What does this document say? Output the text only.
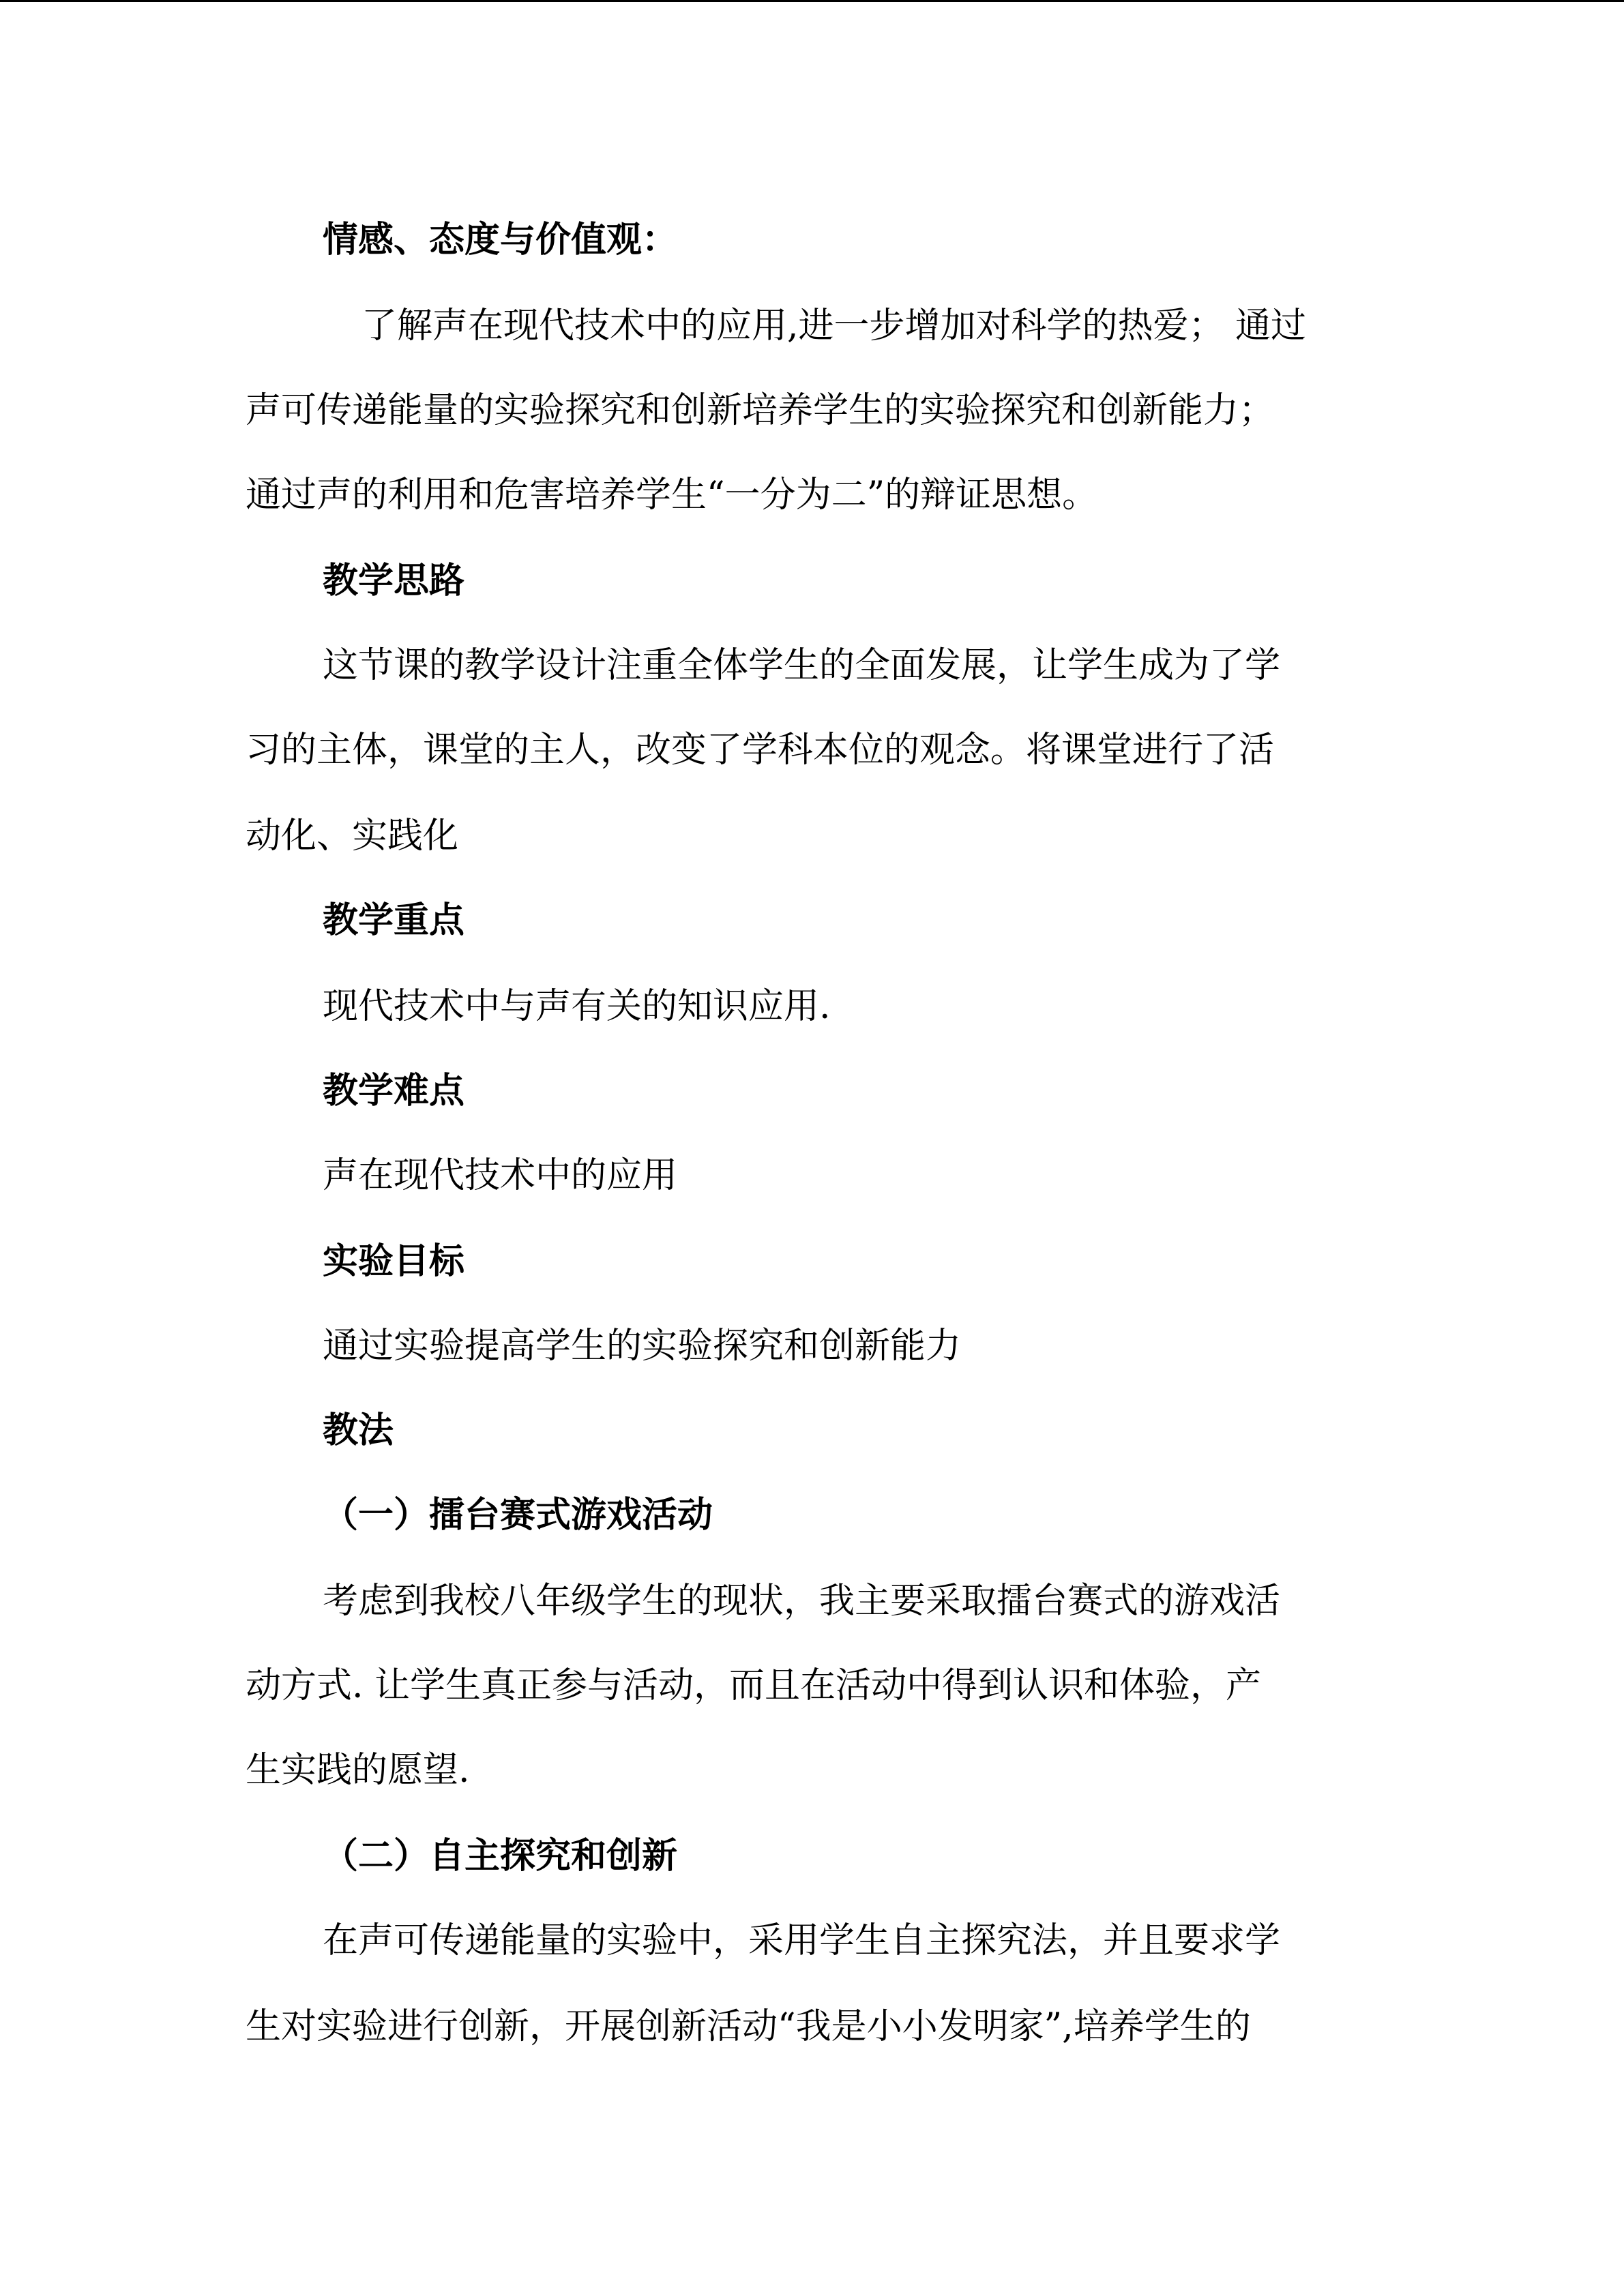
情感、态度与价值观：
了解声在现代技术中的应用,进一步增加对科学的热爱； 通过
声可传递能量的实验探究和创新培养学生的实验探究和创新能力；
通过声的利用和危害培养学生“一分为二”的辩证思想。
教学思路
这节课的教学设计注重全体学生的全面发展，让学生成为了学
习的主体，课堂的主人，改变了学科本位的观念。将课堂进行了活
动化、实践化
教学重点
现代技术中与声有关的知识应用.
教学难点
声在现代技术中的应用
实验目标
通过实验提高学生的实验探究和创新能力
教法
（一）擂台赛式游戏活动
考虑到我校八年级学生的现状，我主要采取擂台赛式的游戏活
动方式. 让学生真正参与活动，而且在活动中得到认识和体验，产
生实践的愿望.
（二）自主探究和创新
在声可传递能量的实验中，采用学生自主探究法，并且要求学
生对实验进行创新，开展创新活动“我是小小发明家”,培养学生的
